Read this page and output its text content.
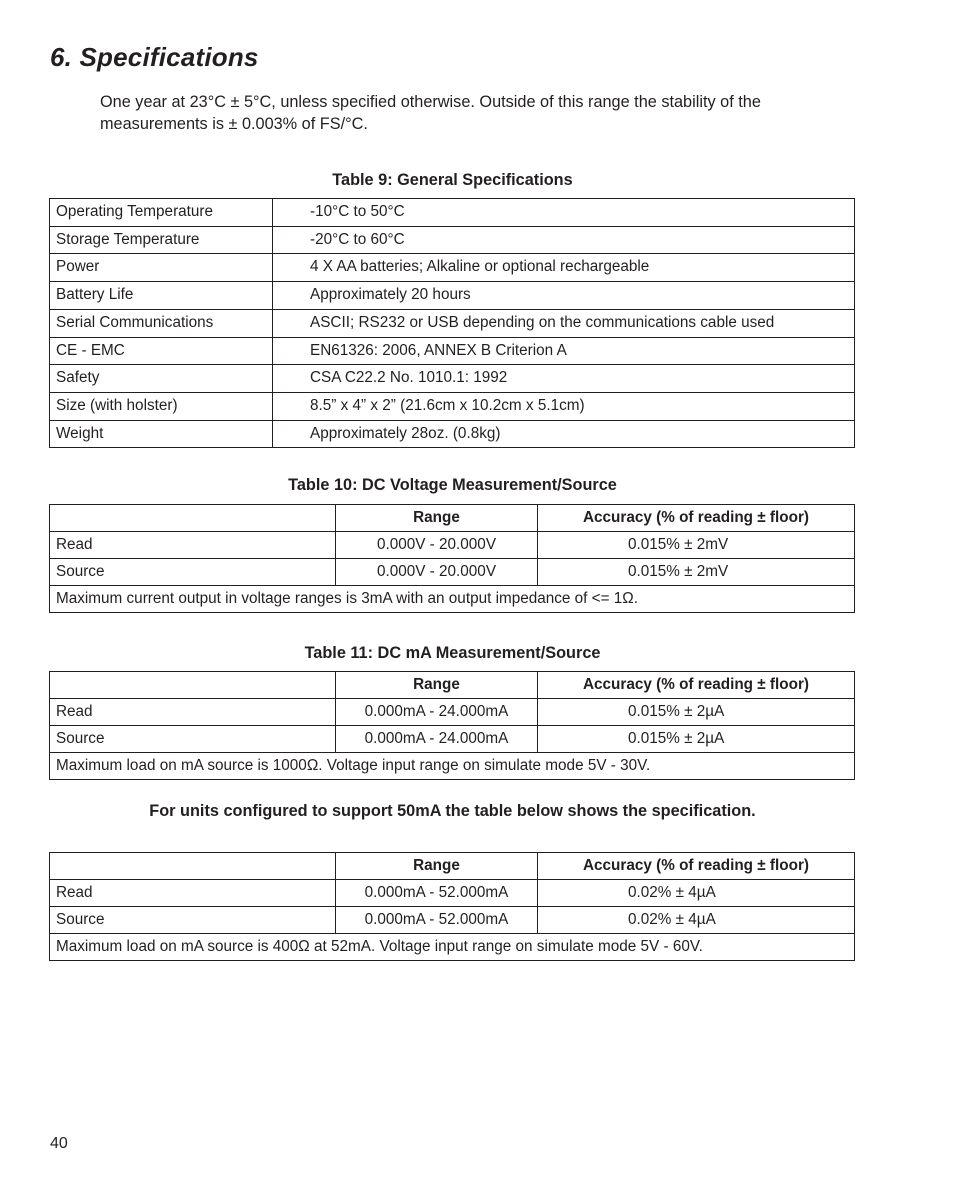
6. Specifications

One year at 23°C ± 5°C, unless specified otherwise. Outside of this range the stability of the measurements is ± 0.003% of FS/°C.

Table 9: General Specifications

Operating Temperature	-10°C to 50°C
Storage Temperature	-20°C to 60°C
Power	4 X AA batteries; Alkaline or optional rechargeable
Battery Life	Approximately 20 hours
Serial Communications	ASCII; RS232 or USB depending on the communications cable used
CE - EMC	EN61326: 2006, ANNEX B Criterion A
Safety	CSA C22.2 No. 1010.1: 1992
Size (with holster)	8.5” x 4” x 2” (21.6cm x 10.2cm x 5.1cm)
Weight	Approximately 28oz. (0.8kg)

Table 10: DC Voltage Measurement/Source

	Range	Accuracy (% of reading ± floor)
Read	0.000V - 20.000V	0.015% ± 2mV
Source	0.000V - 20.000V	0.015% ± 2mV
Maximum current output in voltage ranges is 3mA with an output impedance of <= 1Ω.		

Table 11: DC mA Measurement/Source

	Range	Accuracy (% of reading ± floor)
Read	0.000mA - 24.000mA	0.015% ± 2µA
Source	0.000mA - 24.000mA	0.015% ± 2µA
Maximum load on mA source is 1000Ω. Voltage input range on simulate mode 5V - 30V.		

For units configured to support 50mA the table below shows the specification.

	Range	Accuracy (% of reading ± floor)
Read	0.000mA - 52.000mA	0.02% ± 4µA
Source	0.000mA - 52.000mA	0.02% ± 4µA
Maximum load on mA source is 400Ω at 52mA. Voltage input range on simulate mode 5V - 60V.		

40
